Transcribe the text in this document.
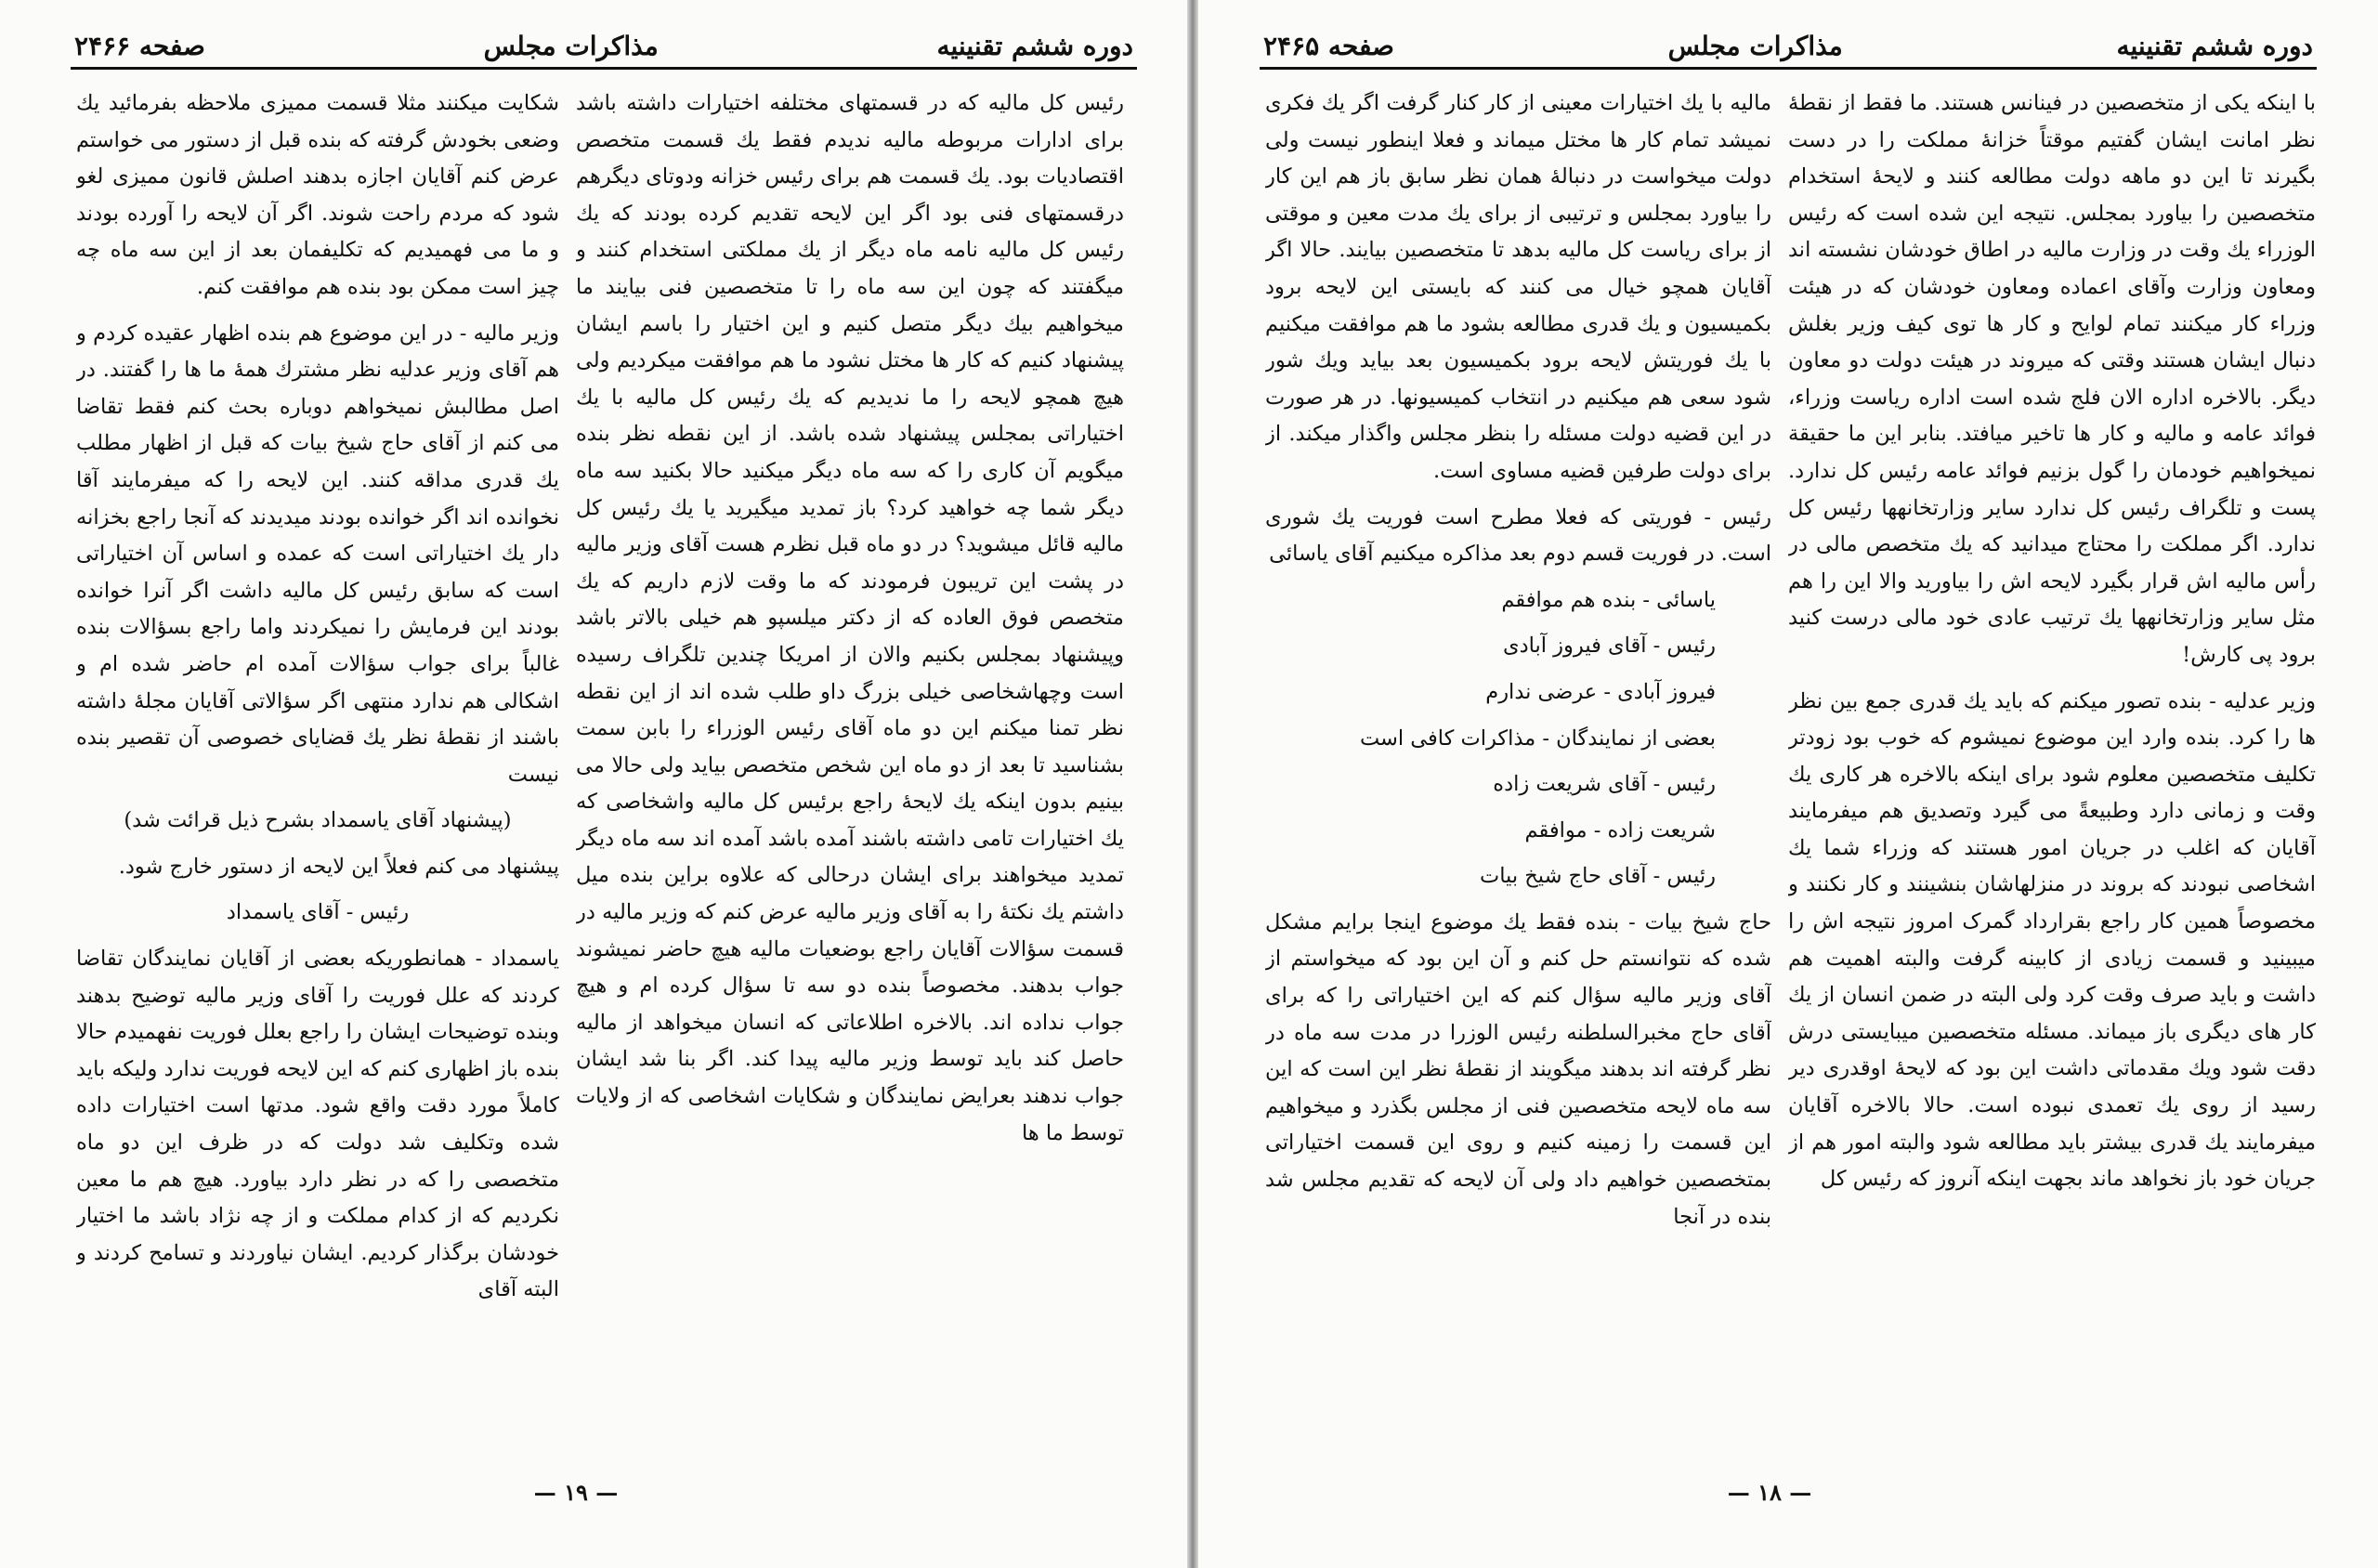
دوره ششم تقنینیه
مذاکرات مجلس
صفحه ۲۴۶۶

رئیس کل مالیه که در قسمتهای مختلفه اختیارات داشته باشد برای ادارات مربوطه مالیه ندیدم فقط یك قسمت متخصص اقتصادیات بود. یك قسمت هم برای رئیس خزانه ودوتای دیگرهم درقسمتهای فنی بود اگر این لایحه تقدیم کرده بودند که یك رئیس کل مالیه نامه ماه دیگر از یك مملکتی استخدام کنند و میگفتند که چون این سه ماه را تا متخصصین فنی بیایند ما میخواهیم بیك دیگر متصل کنیم و این اختیار را باسم ایشان پیشنهاد کنیم که کار ها مختل نشود ما هم موافقت میکردیم ولی هیچ همچو لایحه را ما ندیدیم که یك رئیس کل مالیه با یك اختیاراتی بمجلس پیشنهاد شده باشد. از این نقطه نظر بنده میگویم آن کاری را که سه ماه دیگر میکنید حالا بکنید سه ماه دیگر شما چه خواهید کرد؟ باز تمدید میگیرید یا یك رئیس کل مالیه قائل میشوید؟ در دو ماه قبل نظرم هست آقای وزیر مالیه در پشت این تریبون فرمودند که ما وقت لازم داریم که یك متخصص فوق العاده که از دکتر میلسپو هم خیلی بالاتر باشد وپیشنهاد بمجلس بکنیم والان از امریکا چندین تلگراف رسیده است وچهاشخاصی خیلی بزرگ داو طلب شده اند از این نقطه نظر تمنا میکنم این دو ماه آقای رئیس الوزراء را بابن سمت بشناسید تا بعد از دو ماه این شخص متخصص بیاید ولی حالا می بینیم بدون اینکه یك لایحهٔ راجع برئیس کل مالیه واشخاصی که یك اختیارات تامی داشته باشند آمده باشد آمده اند سه ماه دیگر تمدید میخواهند برای ایشان درحالی که علاوه براین بنده میل داشتم یك نکتهٔ را به آقای وزیر مالیه عرض کنم که وزیر مالیه در قسمت سؤالات آقایان راجع بوضعیات مالیه هیچ حاضر نمیشوند جواب بدهند. مخصوصاً بنده دو سه تا سؤال کرده ام و هیچ جواب نداده اند. بالاخره اطلاعاتی که انسان میخواهد از مالیه حاصل کند باید توسط وزیر مالیه پیدا کند. اگر بنا شد ایشان جواب ندهند بعرایض نمایندگان و شکایات اشخاصی که از ولایات توسط ما ها

شکایت میکنند مثلا قسمت ممیزی ملاحظه بفرمائید یك وضعی بخودش گرفته که بنده قبل از دستور می خواستم عرض کنم آقایان اجازه بدهند اصلش قانون ممیزی لغو شود که مردم راحت شوند. اگر آن لایحه را آورده بودند و ما می فهمیدیم که تکلیفمان بعد از این سه ماه چه چیز است ممکن بود بنده هم موافقت کنم.

وزیر مالیه - در این موضوع هم بنده اظهار عقیده کردم و هم آقای وزیر عدلیه نظر مشترك همهٔ ما ها را گفتند. در اصل مطالبش نمیخواهم دوباره بحث کنم فقط تقاضا می کنم از آقای حاج شیخ بیات که قبل از اظهار مطلب یك قدری مداقه کنند. این لایحه را که میفرمایند آقا نخوانده اند اگر خوانده بودند میدیدند که آنجا راجع بخزانه دار یك اختیاراتی است که عمده و اساس آن اختیاراتی است که سابق رئیس کل مالیه داشت اگر آنرا خوانده بودند این فرمایش را نمیکردند واما راجع بسؤالات بنده غالباً برای جواب سؤالات آمده ام حاضر شده ام و اشکالی هم ندارد منتهی اگر سؤالاتی آقایان مجلهٔ داشته باشند از نقطهٔ نظر یك قضایای خصوصی آن تقصیر بنده نیست

(پیشنهاد آقای یاسمداد بشرح ذیل قرائت شد)

پیشنهاد می کنم فعلاً این لایحه از دستور خارج شود.

رئیس - آقای یاسمداد

یاسمداد - همانطوریکه بعضی از آقایان نمایندگان تقاضا کردند که علل فوریت را آقای وزیر مالیه توضیح بدهند وبنده توضیحات ایشان را راجع بعلل فوریت نفهمیدم حالا بنده باز اظهاری کنم که این لایحه فوریت ندارد ولیکه باید کاملاً مورد دقت واقع شود. مدتها است اختیارات داده شده وتکلیف شد دولت که در ظرف این دو ماه متخصصی را که در نظر دارد بیاورد. هیچ هم ما معین نکردیم که از کدام مملکت و از چه نژاد باشد ما اختیار خودشان برگذار کردیم. ایشان نیاوردند و تسامح کردند و البته آقای

— ۱۹ —
دوره ششم تقنینیه
مذاکرات مجلس
صفحه ۲۴۶۵

با اینکه یکی از متخصصین در فینانس هستند. ما فقط از نقطهٔ نظر امانت ایشان گفتیم موقتاً خزانهٔ مملکت را در دست بگیرند تا این دو ماهه دولت مطالعه کنند و لایحهٔ استخدام متخصصین را بیاورد بمجلس. نتیجه این شده است که رئیس الوزراء یك وقت در وزارت مالیه در اطاق خودشان نشسته اند ومعاون وزارت وآقای اعماده ومعاون خودشان که در هیئت وزراء کار میکنند تمام لوایح و کار ها توی کیف وزیر بغلش دنبال ایشان هستند وقتی که میروند در هیئت دولت دو معاون دیگر. بالاخره اداره الان فلج شده است اداره ریاست وزراء، فوائد عامه و مالیه و کار ها تاخیر میافتد. بنابر این ما حقیقة نمیخواهیم خودمان را گول بزنیم فوائد عامه رئیس کل ندارد. پست و تلگراف رئیس کل ندارد سایر وزارتخانهها رئیس کل ندارد. اگر مملکت را محتاج میدانید که یك متخصص مالی در رأس مالیه اش قرار بگیرد لایحه اش را بیاورید والا این را هم مثل سایر وزارتخانهها یك ترتیب عادی خود مالی درست کنید برود پی کارش!

وزیر عدلیه - بنده تصور میکنم که باید یك قدری جمع بین نظر ها را کرد. بنده وارد این موضوع نمیشوم که خوب بود زودتر تکلیف متخصصین معلوم شود برای اینکه بالاخره هر کاری یك وقت و زمانی دارد وطبیعةً می گیرد وتصدیق هم میفرمایند آقایان که اغلب در جریان امور هستند که وزراء شما یك اشخاصی نبودند که بروند در منزلهاشان بنشینند و کار نکنند و مخصوصاً همین کار راجع بقرارداد گمرک امروز نتیجه اش را میبینید و قسمت زیادی از کابینه گرفت والبته اهمیت هم داشت و باید صرف وقت کرد ولی البته در ضمن انسان از یك کار های دیگری باز میماند. مسئله متخصصین میبایستی درش دقت شود ویك مقدماتی داشت این بود که لایحهٔ اوقدری دیر رسید از روی یك تعمدی نبوده است. حالا بالاخره آقایان میفرمایند یك قدری بیشتر باید مطالعه شود والبته امور هم از جریان خود باز نخواهد ماند بجهت اینکه آنروز که رئیس کل

مالیه با یك اختیارات معینی از کار کنار گرفت اگر یك فکری نمیشد تمام کار ها مختل میماند و فعلا اینطور نیست ولی دولت میخواست در دنبالهٔ همان نظر سابق باز هم این کار را بیاورد بمجلس و ترتیبی از برای یك مدت معین و موقتی از برای ریاست کل مالیه بدهد تا متخصصین بیایند. حالا اگر آقایان همچو خیال می کنند که بایستی این لایحه برود بکمیسیون و یك قدری مطالعه بشود ما هم موافقت میکنیم با یك فوریتش لایحه برود بکمیسیون بعد بیاید ویك شور شود سعی هم میکنیم در انتخاب کمیسیونها. در هر صورت در این قضیه دولت مسئله را بنظر مجلس واگذار میکند. از برای دولت طرفین قضیه مساوی است.

رئیس - فوریتی که فعلا مطرح است فوریت یك شوری است. در فوریت قسم دوم بعد مذاکره میکنیم آقای یاسائی

یاسائی - بنده هم موافقم

رئیس - آقای فیروز آبادی

فیروز آبادی - عرضی ندارم

بعضی از نمایندگان - مذاکرات کافی است

رئیس - آقای شریعت زاده

شریعت زاده - موافقم

رئیس - آقای حاج شیخ بیات

حاج شیخ بیات - بنده فقط یك موضوع اینجا برایم مشکل شده که نتوانستم حل کنم و آن این بود که میخواستم از آقای وزیر مالیه سؤال کنم که این اختیاراتی را که برای آقای حاج مخبرالسلطنه رئیس الوزرا در مدت سه ماه در نظر گرفته اند بدهند میگویند از نقطهٔ نظر این است که این سه ماه لایحه متخصصین فنی از مجلس بگذرد و میخواهیم این قسمت را زمینه کنیم و روی این قسمت اختیاراتی بمتخصصین خواهیم داد ولی آن لایحه که تقدیم مجلس شد بنده در آنجا

— ۱۸ —
